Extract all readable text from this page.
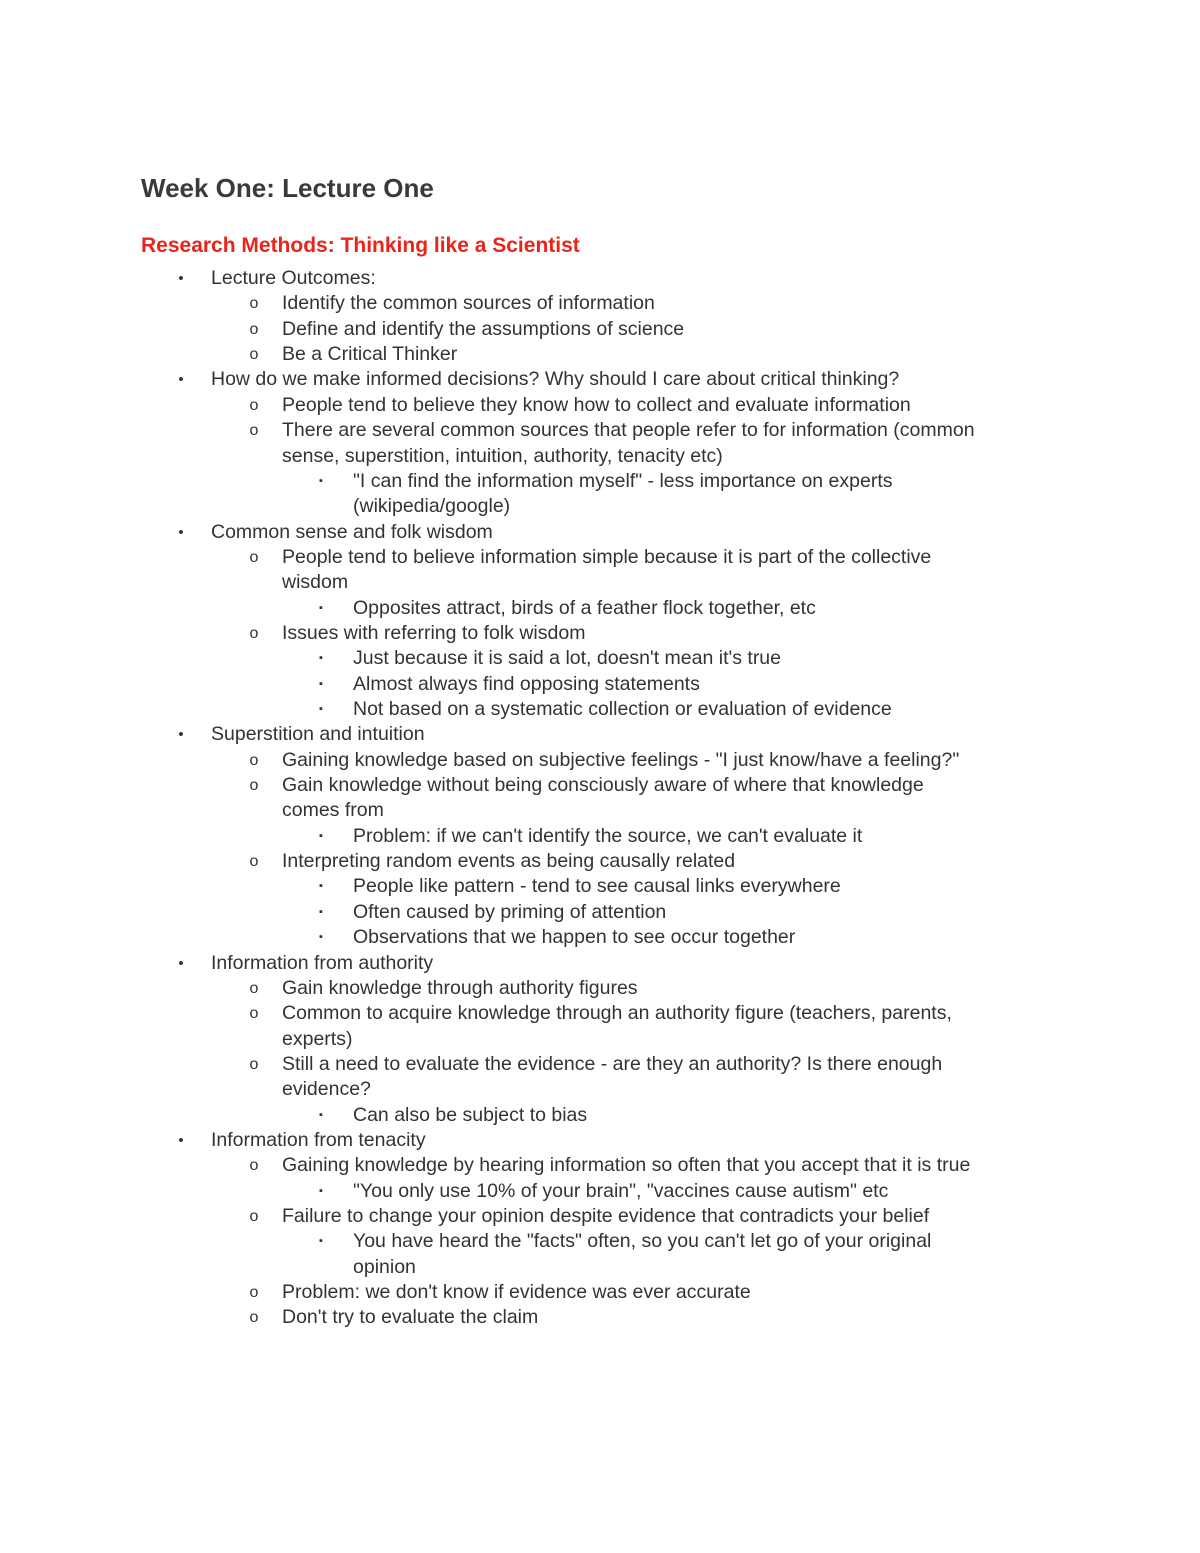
Week One: Lecture One
Research Methods: Thinking like a Scientist
•	Lecture Outcomes:
o Identify the common sources of information
o Define and identify the assumptions of science
o Be a Critical Thinker
•	How do we make informed decisions? Why should I care about critical thinking?
o People tend to believe they know how to collect and evaluate information
o There are several common sources that people refer to for information (common
sense, superstition, intuition, authority, tenacity etc)
▪	"I can find the information myself" - less importance on experts
(wikipedia/google)
•	Common sense and folk wisdom
o People tend to believe information simple because it is part of the collective
wisdom
▪	Opposites attract, birds of a feather flock together, etc
o Issues with referring to folk wisdom
▪	Just because it is said a lot, doesn't mean it's true
▪	Almost always find opposing statements
▪	Not based on a systematic collection or evaluation of evidence
•	Superstition and intuition
o Gaining knowledge based on subjective feelings - "I just know/have a feeling?"
o Gain knowledge without being consciously aware of where that knowledge
comes from
▪	Problem: if we can't identify the source, we can't evaluate it
o Interpreting random events as being causally related
▪	People like pattern - tend to see causal links everywhere
▪	Often caused by priming of attention
▪	Observations that we happen to see occur together
•	Information from authority
o Gain knowledge through authority figures
o Common to acquire knowledge through an authority figure (teachers, parents,
experts)
o Still a need to evaluate the evidence - are they an authority? Is there enough
evidence?
▪	Can also be subject to bias
•	Information from tenacity
o Gaining knowledge by hearing information so often that you accept that it is true
▪	"You only use 10% of your brain", "vaccines cause autism" etc
o Failure to change your opinion despite evidence that contradicts your belief
▪	You have heard the "facts" often, so you can't let go of your original
opinion
o Problem: we don't know if evidence was ever accurate
o Don't try to evaluate the claim
